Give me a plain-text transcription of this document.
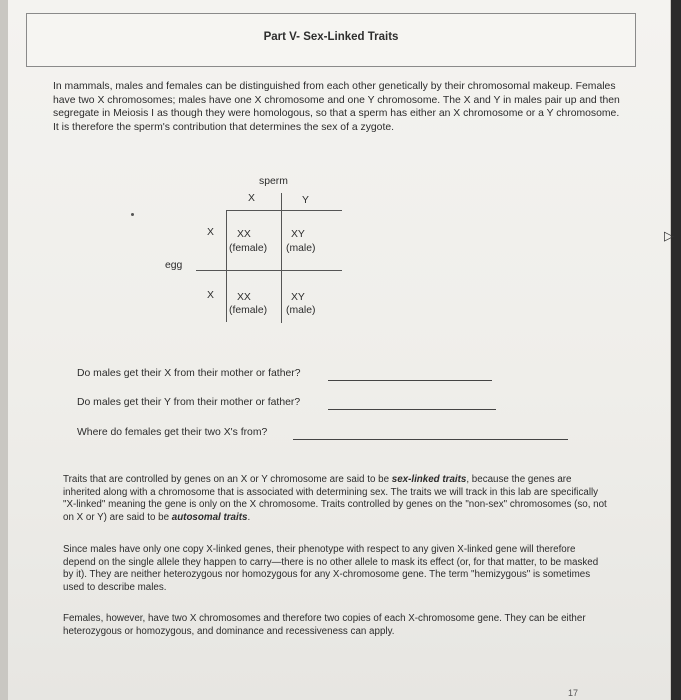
Part V- Sex-Linked Traits
In mammals, males and females can be distinguished from each other genetically by their chromosomal makeup. Females have two X chromosomes; males have one X chromosome and one Y chromosome. The X and Y in males pair up and then segregate in Meiosis I as though they were homologous, so that a sperm has either an X chromosome or a Y chromosome. It is therefore the sperm's contribution that determines the sex of a zygote.
sperm
X	Y
egg
X
X
XX
(female)
XY
(male)
XX
(female)
XY
(male)
Do males get their X from their mother or father?
Do males get their Y from their mother or father?
Where do females get their two X's from?
Traits that are controlled by genes on an X or Y chromosome are said to be sex-linked traits, because the genes are inherited along with a chromosome that is associated with determining sex. The traits we will track in this lab are specifically "X-linked" meaning the gene is only on the X chromosome. Traits controlled by genes on the "non-sex" chromosomes (so, not on X or Y) are said to be autosomal traits.
Since males have only one copy X-linked genes, their phenotype with respect to any given X-linked gene will therefore depend on the single allele they happen to carry—there is no other allele to mask its effect (or, for that matter, to be masked by it). They are neither heterozygous nor homozygous for any X-chromosome gene. The term "hemizygous" is sometimes used to describe males.
Females, however, have two X chromosomes and therefore two copies of each X-chromosome gene. They can be either heterozygous or homozygous, and dominance and recessiveness can apply.
17
▷
